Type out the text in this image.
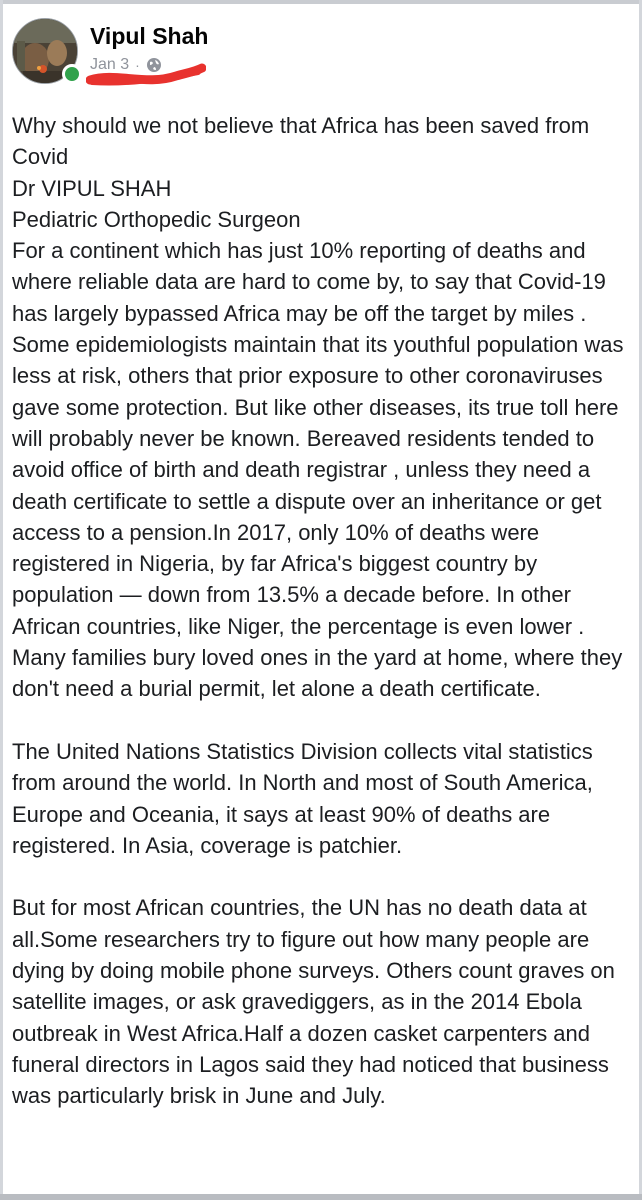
Vipul Shah
Jan 3 ·

Why should we not believe that Africa has been saved from Covid
Dr VIPUL SHAH
Pediatric Orthopedic Surgeon
For a continent which has just 10% reporting of deaths and where reliable data are hard to come by, to say that Covid-19 has largely bypassed Africa may be off the target by miles . Some epidemiologists maintain that its youthful population was less at risk, others that prior exposure to other coronaviruses gave some protection. But like other diseases, its true toll here will probably never be known. Bereaved residents tended to avoid office of birth and death registrar , unless they need a death certificate to settle a dispute over an inheritance or get access to a pension.In 2017, only 10% of deaths were registered in Nigeria, by far Africa's biggest country by population — down from 13.5% a decade before. In other African countries, like Niger, the percentage is even lower . Many families bury loved ones in the yard at home, where they don't need a burial permit, let alone a death certificate.

The United Nations Statistics Division collects vital statistics from around the world. In North and most of South America, Europe and Oceania, it says at least 90% of deaths are registered. In Asia, coverage is patchier.

But for most African countries, the UN has no death data at all.Some researchers try to figure out how many people are dying by doing mobile phone surveys. Others count graves on satellite images, or ask gravediggers, as in the 2014 Ebola outbreak in West Africa.Half a dozen casket carpenters and funeral directors in Lagos said they had noticed that business was particularly brisk in June and July.
